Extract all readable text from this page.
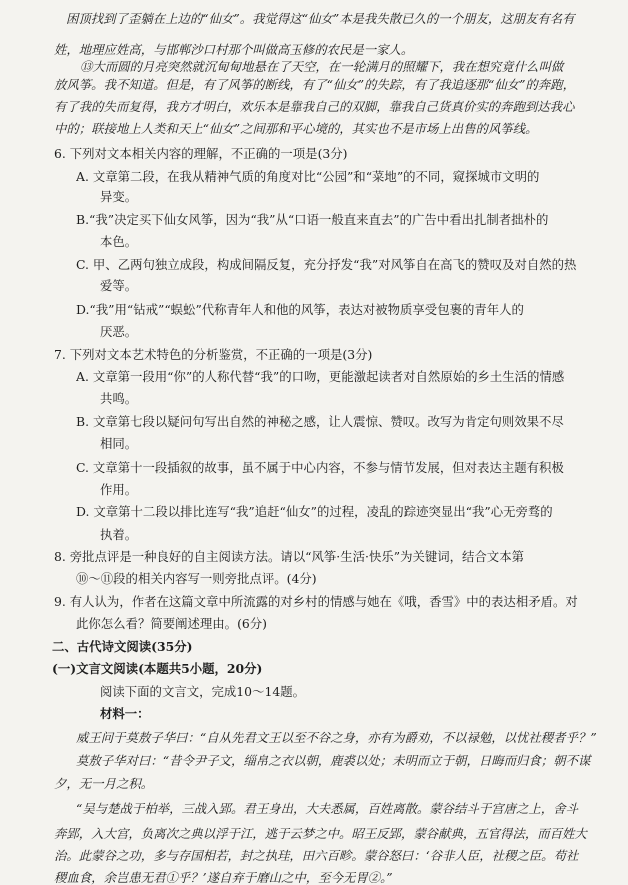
困顶找到了歪躺在上边的“仙女”。我觉得这“仙女”本是我失散已久的一个朋友，这朋友有名有
姓，地理应姓高，与邯郸沙口村那个叫做高玉修的农民是一家人。
⑬大而圆的月亮突然就沉甸甸地悬在了天空，在一轮满月的照耀下，我在想究竟什么叫做
放风筝。我不知道。但是，有了风筝的断线，有了“仙女”的失踪，有了我追逐那“仙女”的奔跑，
有了我的失而复得，我方才明白，欢乐本是靠我自己的双脚，靠我自己货真价实的奔跑到达我心
中的；联接地上人类和天上“仙女”之间那和平心境的，其实也不是市场上出售的风筝线。
6. 下列对文本相关内容的理解，不正确的一项是(3分)
A. 文章第二段，在我从精神气质的角度对比“公园”和“菜地”的不同，窥探城市文明的
异变。
B.“我”决定买下仙女风筝，因为“我”从“口语一般直来直去”的广告中看出扎制者拙朴的
本色。
C. 甲、乙两句独立成段，构成间隔反复，充分抒发“我”对风筝自在高飞的赞叹及对自然的热
爱等。
D.“我”用“钻戒”“蜈蚣”代称青年人和他的风筝，表达对被物质享受包裹的青年人的
厌恶。
7. 下列对文本艺术特色的分析鉴赏，不正确的一项是(3分)
A. 文章第一段用“你”的人称代替“我”的口吻，更能激起读者对自然原始的乡土生活的情感
共鸣。
B. 文章第七段以疑问句写出自然的神秘之感，让人震惊、赞叹。改写为肯定句则效果不尽
相同。
C. 文章第十一段插叙的故事，虽不属于中心内容，不参与情节发展，但对表达主题有积极
作用。
D. 文章第十二段以排比连写“我”追赶“仙女”的过程，凌乱的踪迹突显出“我”心无旁骛的
执着。
8. 旁批点评是一种良好的自主阅读方法。请以“风筝·生活·快乐”为关键词，结合文本第
⑩～⑪段的相关内容写一则旁批点评。(4分)
9. 有人认为，作者在这篇文章中所流露的对乡村的情感与她在《哦，香雪》中的表达相矛盾。对
此你怎么看？简要阐述理由。(6分)
二、古代诗文阅读(35分)
(一)文言文阅读(本题共5小题，20分)
阅读下面的文言文，完成10～14题。
材料一：
威王问于莫敖子华曰：“自从先君文王以至不谷之身，亦有为爵劝，不以禄勉，以忧社稷者乎？”
莫敖子华对曰：“昔令尹子文，缁帛之衣以朝，鹿裘以处；未明而立于朝，日晦而归食；朝不谋
夕，无一月之积。
“吴与楚战于柏举，三战入郢。君王身出，大夫悉属，百姓离散。蒙谷结斗于宫唐之上，舍斗
奔郢，入大宫，负离次之典以浮于江，逃于云梦之中。昭王反郢，蒙谷献典，五官得法，而百姓大
治。此蒙谷之功，多与存国相若，封之执珪，田六百畛。蒙谷怒曰：‘谷非人臣，社稷之臣。苟社
稷血食，余岂患无君①乎？’遂自弃于磨山之中，至今无胃②。”
